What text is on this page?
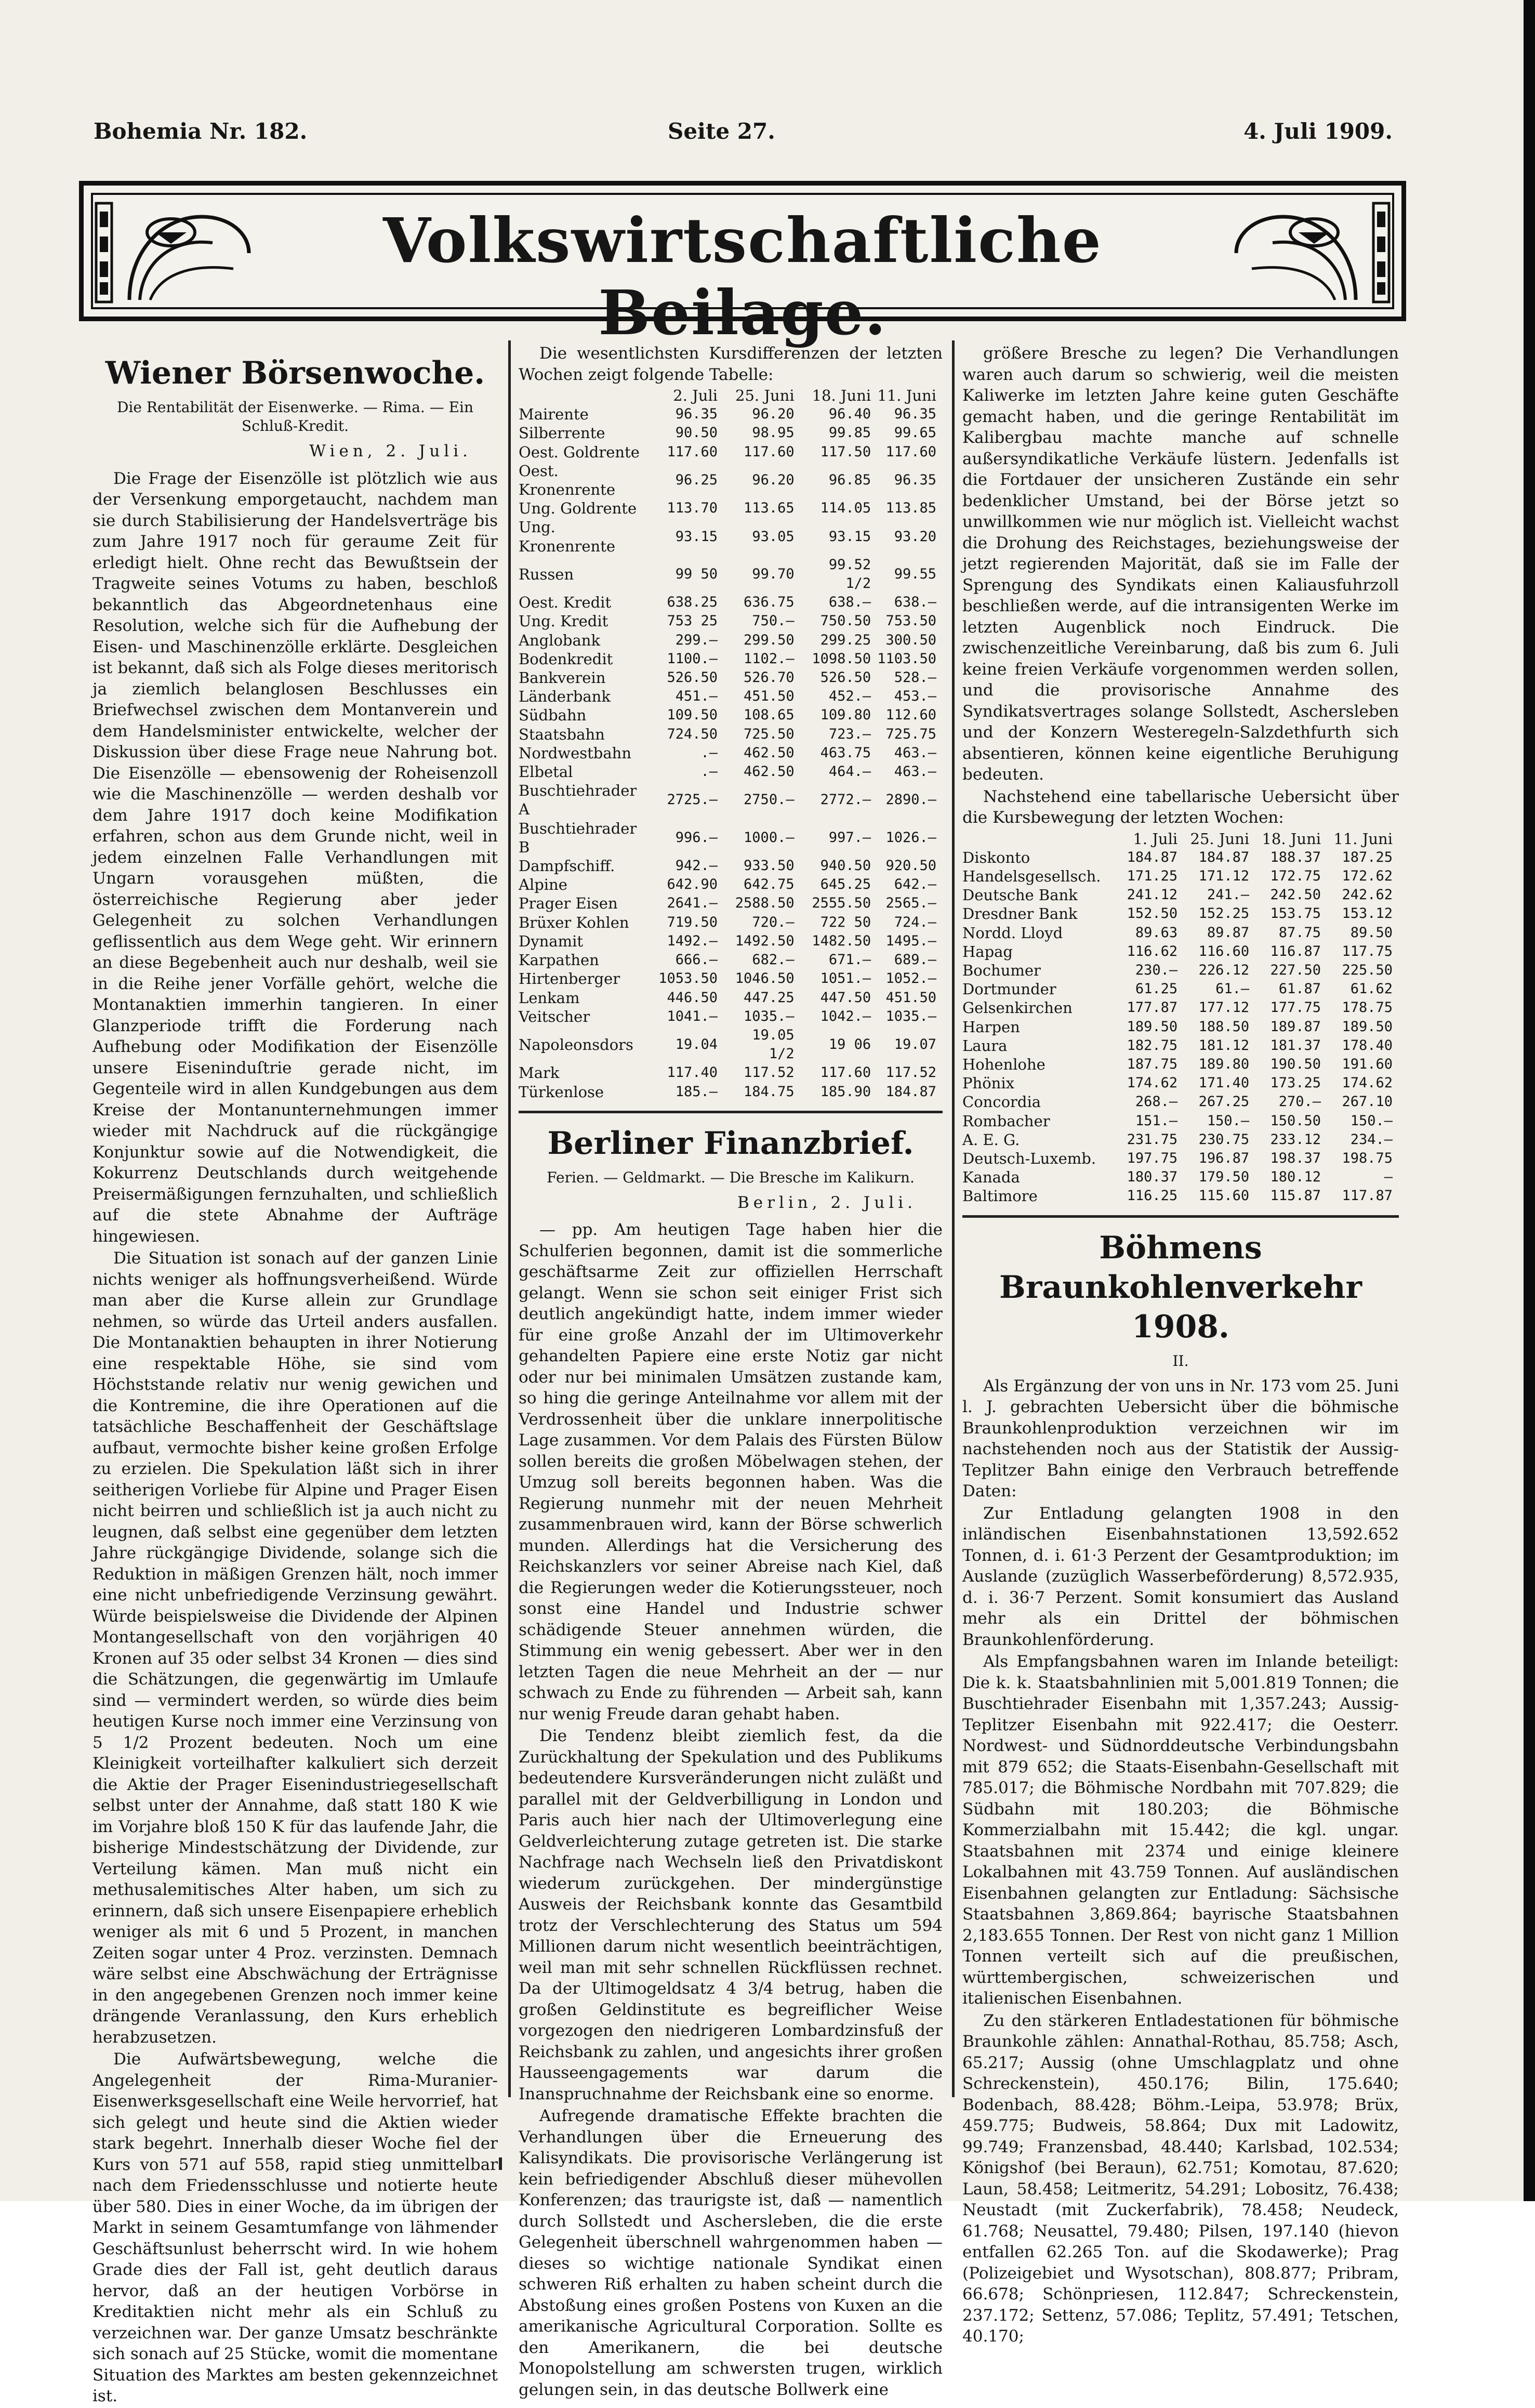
Bohemia Nr. 182.	Seite 27.	4. Juli 1909.
Volkswirtschaftliche Beilage.
Wiener Börsenwoche.
Die Rentabilität der Eisenwerke. — Rima. — Ein Schluß-Kredit.
Wien, 2. Juli.

Die Frage der Eisenzölle ist plötzlich wie aus der Versenkung emporgetaucht, nachdem man sie durch Stabilisierung der Handelsverträge bis zum Jahre 1917 noch für geraume Zeit für erledigt hielt. Ohne recht das Bewußtsein der Tragweite seines Votums zu haben, beschloß bekanntlich das Abgeordnetenhaus eine Resolution, welche sich für die Aufhebung der Eisen- und Maschinenzölle erklärte. Desgleichen ist bekannt, daß sich als Folge dieses meritorisch ja ziemlich belanglosen Beschlusses ein Briefwechsel zwischen dem Montanverein und dem Handelsminister entwickelte, welcher der Diskussion über diese Frage neue Nahrung bot. Die Eisenzölle — ebensowenig der Roheisenzoll wie die Maschinenzölle — werden deshalb vor dem Jahre 1917 doch keine Modifikation erfahren, schon aus dem Grunde nicht, weil in jedem einzelnen Falle Verhandlungen mit Ungarn vorausgehen müßten, die österreichische Regierung aber jeder Gelegenheit zu solchen Verhandlungen geflissentlich aus dem Wege geht. Wir erinnern an diese Begebenheit auch nur deshalb, weil sie in die Reihe jener Vorfälle gehört, welche die Montanaktien immerhin tangieren. In einer Glanzperiode trifft die Forderung nach Aufhebung oder Modifikation der Eisenzölle unsere Eiseninduſtrie gerade nicht, im Gegenteile wird in allen Kundgebungen aus dem Kreise der Montanunternehmungen immer wieder mit Nachdruck auf die rückgängige Konjunktur sowie auf die Notwendigkeit, die Kokurrenz Deutschlands durch weitgehende Preisermäßigungen fernzuhalten, und schließlich auf die stete Abnahme der Aufträge hingewiesen.

Die Situation ist sonach auf der ganzen Linie nichts weniger als hoffnungsverheißend. Würde man aber die Kurse allein zur Grundlage nehmen, so würde das Urteil anders ausfallen. Die Montanaktien behaupten in ihrer Notierung eine respektable Höhe, sie sind vom Höchststande relativ nur wenig gewichen und die Kontremine, die ihre Operationen auf die tatsächliche Beschaffenheit der Geschäftslage aufbaut, vermochte bisher keine großen Erfolge zu erzielen. Die Spekulation läßt sich in ihrer seitherigen Vorliebe für Alpine und Prager Eisen nicht beirren und schließlich ist ja auch nicht zu leugnen, daß selbst eine gegenüber dem letzten Jahre rückgängige Dividende, solange sich die Reduktion in mäßigen Grenzen hält, noch immer eine nicht unbefriedigende Verzinsung gewährt. Würde beispielsweise die Dividende der Alpinen Montangesellschaft von den vorjährigen 40 Kronen auf 35 oder selbst 34 Kronen — dies sind die Schätzungen, die gegenwärtig im Umlaufe sind — vermindert werden, so würde dies beim heutigen Kurse noch immer eine Verzinsung von 5 1/2 Prozent bedeuten. Noch um eine Kleinigkeit vorteilhafter kalkuliert sich derzeit die Aktie der Prager Eisenindustriegesellschaft selbst unter der Annahme, daß statt 180 K wie im Vorjahre bloß 150 K für das laufende Jahr, die bisherige Mindestschätzung der Dividende, zur Verteilung kämen. Man muß nicht ein methusalemitisches Alter haben, um sich zu erinnern, daß sich unsere Eisenpapiere erheblich weniger als mit 6 und 5 Prozent, in manchen Zeiten sogar unter 4 Proz. verzinsten. Demnach wäre selbst eine Abschwächung der Erträgnisse in den angegebenen Grenzen noch immer keine drängende Veranlassung, den Kurs erheblich herabzusetzen.

Die Aufwärtsbewegung, welche die Angelegenheit der Rima-Muranier-Eisenwerksgesellschaft eine Weile hervorrief, hat sich gelegt und heute sind die Aktien wieder stark begehrt. Innerhalb dieser Woche fiel der Kurs von 571 auf 558, rapid stieg unmittelbar nach dem Friedensschlusse und notierte heute über 580. Dies in einer Woche, da im übrigen der Markt in seinem Gesamtumfange von lähmender Geschäftsunlust beherrscht wird. In wie hohem Grade dies der Fall ist, geht deutlich daraus hervor, daß an der heutigen Vorbörse in Kreditaktien nicht mehr als ein Schluß zu verzeichnen war. Der ganze Umsatz beschränkte sich sonach auf 25 Stücke, womit die momentane Situation des Marktes am besten gekennzeichnet ist.

Die wesentlichsten Kursdifferenzen der letzten Wochen zeigt folgende Tabelle:

	2. Juli	25. Juni	18. Juni	11. Juni
Mairente	96.35	96.20	96.40	96.35
Silberrente	90.50	98.95	99.85	99.65
Oest. Goldrente	117.60	117.60	117.50	117.60
Oest. Kronenrente	96.25	96.20	96.85	96.35
Ung. Goldrente	113.70	113.65	114.05	113.85
Ung. Kronenrente	93.15	93.05	93.15	93.20
Russen	99 50	99.70	99.52 1/2	99.55
Oest. Kredit	638.25	636.75	638.—	638.—
Ung. Kredit	753 25	750.—	750.50	753.50
Anglobank	299.—	299.50	299.25	300.50
Bodenkredit	1100.—	1102.—	1098.50	1103.50
Bankverein	526.50	526.70	526.50	528.—
Länderbank	451.—	451.50	452.—	453.—
Südbahn	109.50	108.65	109.80	112.60
Staatsbahn	724.50	725.50	723.—	725.75
Nordwestbahn	.—	462.50	463.75	463.—
Elbetal	.—	462.50	464.—	463.—
Buschtiehrader A	2725.—	2750.—	2772.—	2890.—
Buschtiehrader B	996.—	1000.—	997.—	1026.—
Dampfschiff.	942.—	933.50	940.50	920.50
Alpine	642.90	642.75	645.25	642.—
Prager Eisen	2641.—	2588.50	2555.50	2565.—
Brüxer Kohlen	719.50	720.—	722 50	724.—
Dynamit	1492.—	1492.50	1482.50	1495.—
Karpathen	666.—	682.—	671.—	689.—
Hirtenberger	1053.50	1046.50	1051.—	1052.—
Lenkam	446.50	447.25	447.50	451.50
Veitscher	1041.—	1035.—	1042.—	1035.—
Napoleonsdors	19.04	19.05 1/2	19 06	19.07
Mark	117.40	117.52	117.60	117.52
Türkenlose	185.—	184.75	185.90	184.87
Berliner Finanzbrief.
Ferien. — Geldmarkt. — Die Bresche im Kalikurn.
Berlin, 2. Juli.

— pp. Am heutigen Tage haben hier die Schulferien begonnen, damit ist die sommerliche geschäftsarme Zeit zur offiziellen Herrschaft gelangt. Wenn sie schon seit einiger Frist sich deutlich angekündigt hatte, indem immer wieder für eine große Anzahl der im Ultimoverkehr gehandelten Papiere eine erste Notiz gar nicht oder nur bei minimalen Umsätzen zustande kam, so hing die geringe Anteilnahme vor allem mit der Verdrossenheit über die unklare innerpolitische Lage zusammen. Vor dem Palais des Fürsten Bülow sollen bereits die großen Möbelwagen stehen, der Umzug soll bereits begonnen haben. Was die Regierung nunmehr mit der neuen Mehrheit zusammenbrauen wird, kann der Börse schwerlich munden. Allerdings hat die Versicherung des Reichskanzlers vor seiner Abreise nach Kiel, daß die Regierungen weder die Kotierungssteuer, noch sonst eine Handel und Industrie schwer schädigende Steuer annehmen würden, die Stimmung ein wenig gebessert. Aber wer in den letzten Tagen die neue Mehrheit an der — nur schwach zu Ende zu führenden — Arbeit sah, kann nur wenig Freude daran gehabt haben.

Die Tendenz bleibt ziemlich fest, da die Zurückhaltung der Spekulation und des Publikums bedeutendere Kursveränderungen nicht zuläßt und parallel mit der Geldverbilligung in London und Paris auch hier nach der Ultimoverlegung eine Geldverleichterung zutage getreten ist. Die starke Nachfrage nach Wechseln ließ den Privatdiskont wiederum zurückgehen. Der mindergünstige Ausweis der Reichsbank konnte das Gesamtbild trotz der Verschlechterung des Status um 594 Millionen darum nicht wesentlich beeinträchtigen, weil man mit sehr schnellen Rückflüssen rechnet. Da der Ultimogeldsatz 4 3/4 betrug, haben die großen Geldinstitute es begreiflicher Weise vorgezogen den niedrigeren Lombardzinsfuß der Reichsbank zu zahlen, und angesichts ihrer großen Hausseengagements war darum die Inanspruchnahme der Reichsbank eine so enorme.

Aufregende dramatische Effekte brachten die Verhandlungen über die Erneuerung des Kalisyndikats. Die provisorische Verlängerung ist kein befriedigender Abschluß dieser mühevollen Konferenzen; das traurigste ist, daß — namentlich durch Sollstedt und Aschersleben, die die erste Gelegenheit überschnell wahrgenommen haben — dieses so wichtige nationale Syndikat einen schweren Riß erhalten zu haben scheint durch die Abstoßung eines großen Postens von Kuxen an die amerikanische Agricultural Corporation. Sollte es den Amerikanern, die bei deutsche Monopolstellung am schwersten trugen, wirklich gelungen sein, in das deutsche Bollwerk eine

größere Bresche zu legen? Die Verhandlungen waren auch darum so schwierig, weil die meisten Kaliwerke im letzten Jahre keine guten Geschäfte gemacht haben, und die geringe Rentabilität im Kalibergbau machte manche auf schnelle außersyndikatliche Verkäufe lüstern. Jedenfalls ist die Fortdauer der unsicheren Zustände ein sehr bedenklicher Umstand, bei der Börse jetzt so unwillkommen wie nur möglich ist. Vielleicht wachst die Drohung des Reichstages, beziehungsweise der jetzt regierenden Majorität, daß sie im Falle der Sprengung des Syndikats einen Kaliausfuhrzoll beschließen werde, auf die intransigenten Werke im letzten Augenblick noch Eindruck. Die zwischenzeitliche Vereinbarung, daß bis zum 6. Juli keine freien Verkäufe vorgenommen werden sollen, und die provisorische Annahme des Syndikatsvertrages solange Sollstedt, Aschersleben und der Konzern Westeregeln-Salzdethfurth sich absentieren, können keine eigentliche Beruhigung bedeuten.

Nachstehend eine tabellarische Uebersicht über die Kursbewegung der letzten Wochen:

	1. Juli	25. Juni	18. Juni	11. Juni
Diskonto	184.87	184.87	188.37	187.25
Handelsgesellsch.	171.25	171.12	172.75	172.62
Deutsche Bank	241.12	241.—	242.50	242.62
Dresdner Bank	152.50	152.25	153.75	153.12
Nordd. Lloyd	89.63	89.87	87.75	89.50
Hapag	116.62	116.60	116.87	117.75
Bochumer	230.—	226.12	227.50	225.50
Dortmunder	61.25	61.—	61.87	61.62
Gelsenkirchen	177.87	177.12	177.75	178.75
Harpen	189.50	188.50	189.87	189.50
Laura	182.75	181.12	181.37	178.40
Hohenlohe	187.75	189.80	190.50	191.60
Phönix	174.62	171.40	173.25	174.62
Concordia	268.—	267.25	270.—	267.10
Rombacher	151.—	150.—	150.50	150.—
A. E. G.	231.75	230.75	233.12	234.—
Deutsch-Luxemb.	197.75	196.87	198.37	198.75
Kanada	180.37	179.50	180.12	—
Baltimore	116.25	115.60	115.87	117.87
Böhmens Braunkohlenverkehr 1908.
II.

Als Ergänzung der von uns in Nr. 173 vom 25. Juni l. J. gebrachten Uebersicht über die böhmische Braunkohlenproduktion verzeichnen wir im nachstehenden noch aus der Statistik der Aussig-Teplitzer Bahn einige den Verbrauch betreffende Daten:

Zur Entladung gelangten 1908 in den inländischen Eisenbahnstationen 13,592.652 Tonnen, d. i. 61·3 Perzent der Gesamtproduktion; im Auslande (zuzüglich Wasserbeförderung) 8,572.935, d. i. 36·7 Perzent. Somit konsumiert das Ausland mehr als ein Drittel der böhmischen Braunkohlenförderung.

Als Empfangsbahnen waren im Inlande beteiligt: Die k. k. Staatsbahnlinien mit 5,001.819 Tonnen; die Buschtiehrader Eisenbahn mit 1,357.243; Aussig-Teplitzer Eisenbahn mit 922.417; die Oesterr. Nordwest- und Südnorddeutsche Verbindungsbahn mit 879 652; die Staats-Eisenbahn-Gesellschaft mit 785.017; die Böhmische Nordbahn mit 707.829; die Südbahn mit 180.203; die Böhmische Kommerzialbahn mit 15.442; die kgl. ungar. Staatsbahnen mit 2374 und einige kleinere Lokalbahnen mit 43.759 Tonnen. Auf ausländischen Eisenbahnen gelangten zur Entladung: Sächsische Staatsbahnen 3,869.864; bayrische Staatsbahnen 2,183.655 Tonnen. Der Rest von nicht ganz 1 Million Tonnen verteilt sich auf die preußischen, württembergischen, schweizerischen und italienischen Eisenbahnen.

Zu den stärkeren Entladestationen für böhmische Braunkohle zählen: Annathal-Rothau, 85.758; Asch, 65.217; Aussig (ohne Umschlagplatz und ohne Schreckenstein), 450.176; Bilin, 175.640; Bodenbach, 88.428; Böhm.-Leipa, 53.978; Brüx, 459.775; Budweis, 58.864; Dux mit Ladowitz, 99.749; Franzensbad, 48.440; Karlsbad, 102.534; Königshof (bei Beraun), 62.751; Komotau, 87.620; Laun, 58.458; Leitmeritz, 54.291; Lobositz, 76.438; Neustadt (mit Zuckerfabrik), 78.458; Neudeck, 61.768; Neusattel, 79.480; Pilsen, 197.140 (hievon entfallen 62.265 Ton. auf die Skodawerke); Prag (Polizeigebiet und Wysotschan), 808.877; Pribram, 66.678; Schönpriesen, 112.847; Schreckenstein, 237.172; Settenz, 57.086; Teplitz, 57.491; Tetschen, 40.170;
